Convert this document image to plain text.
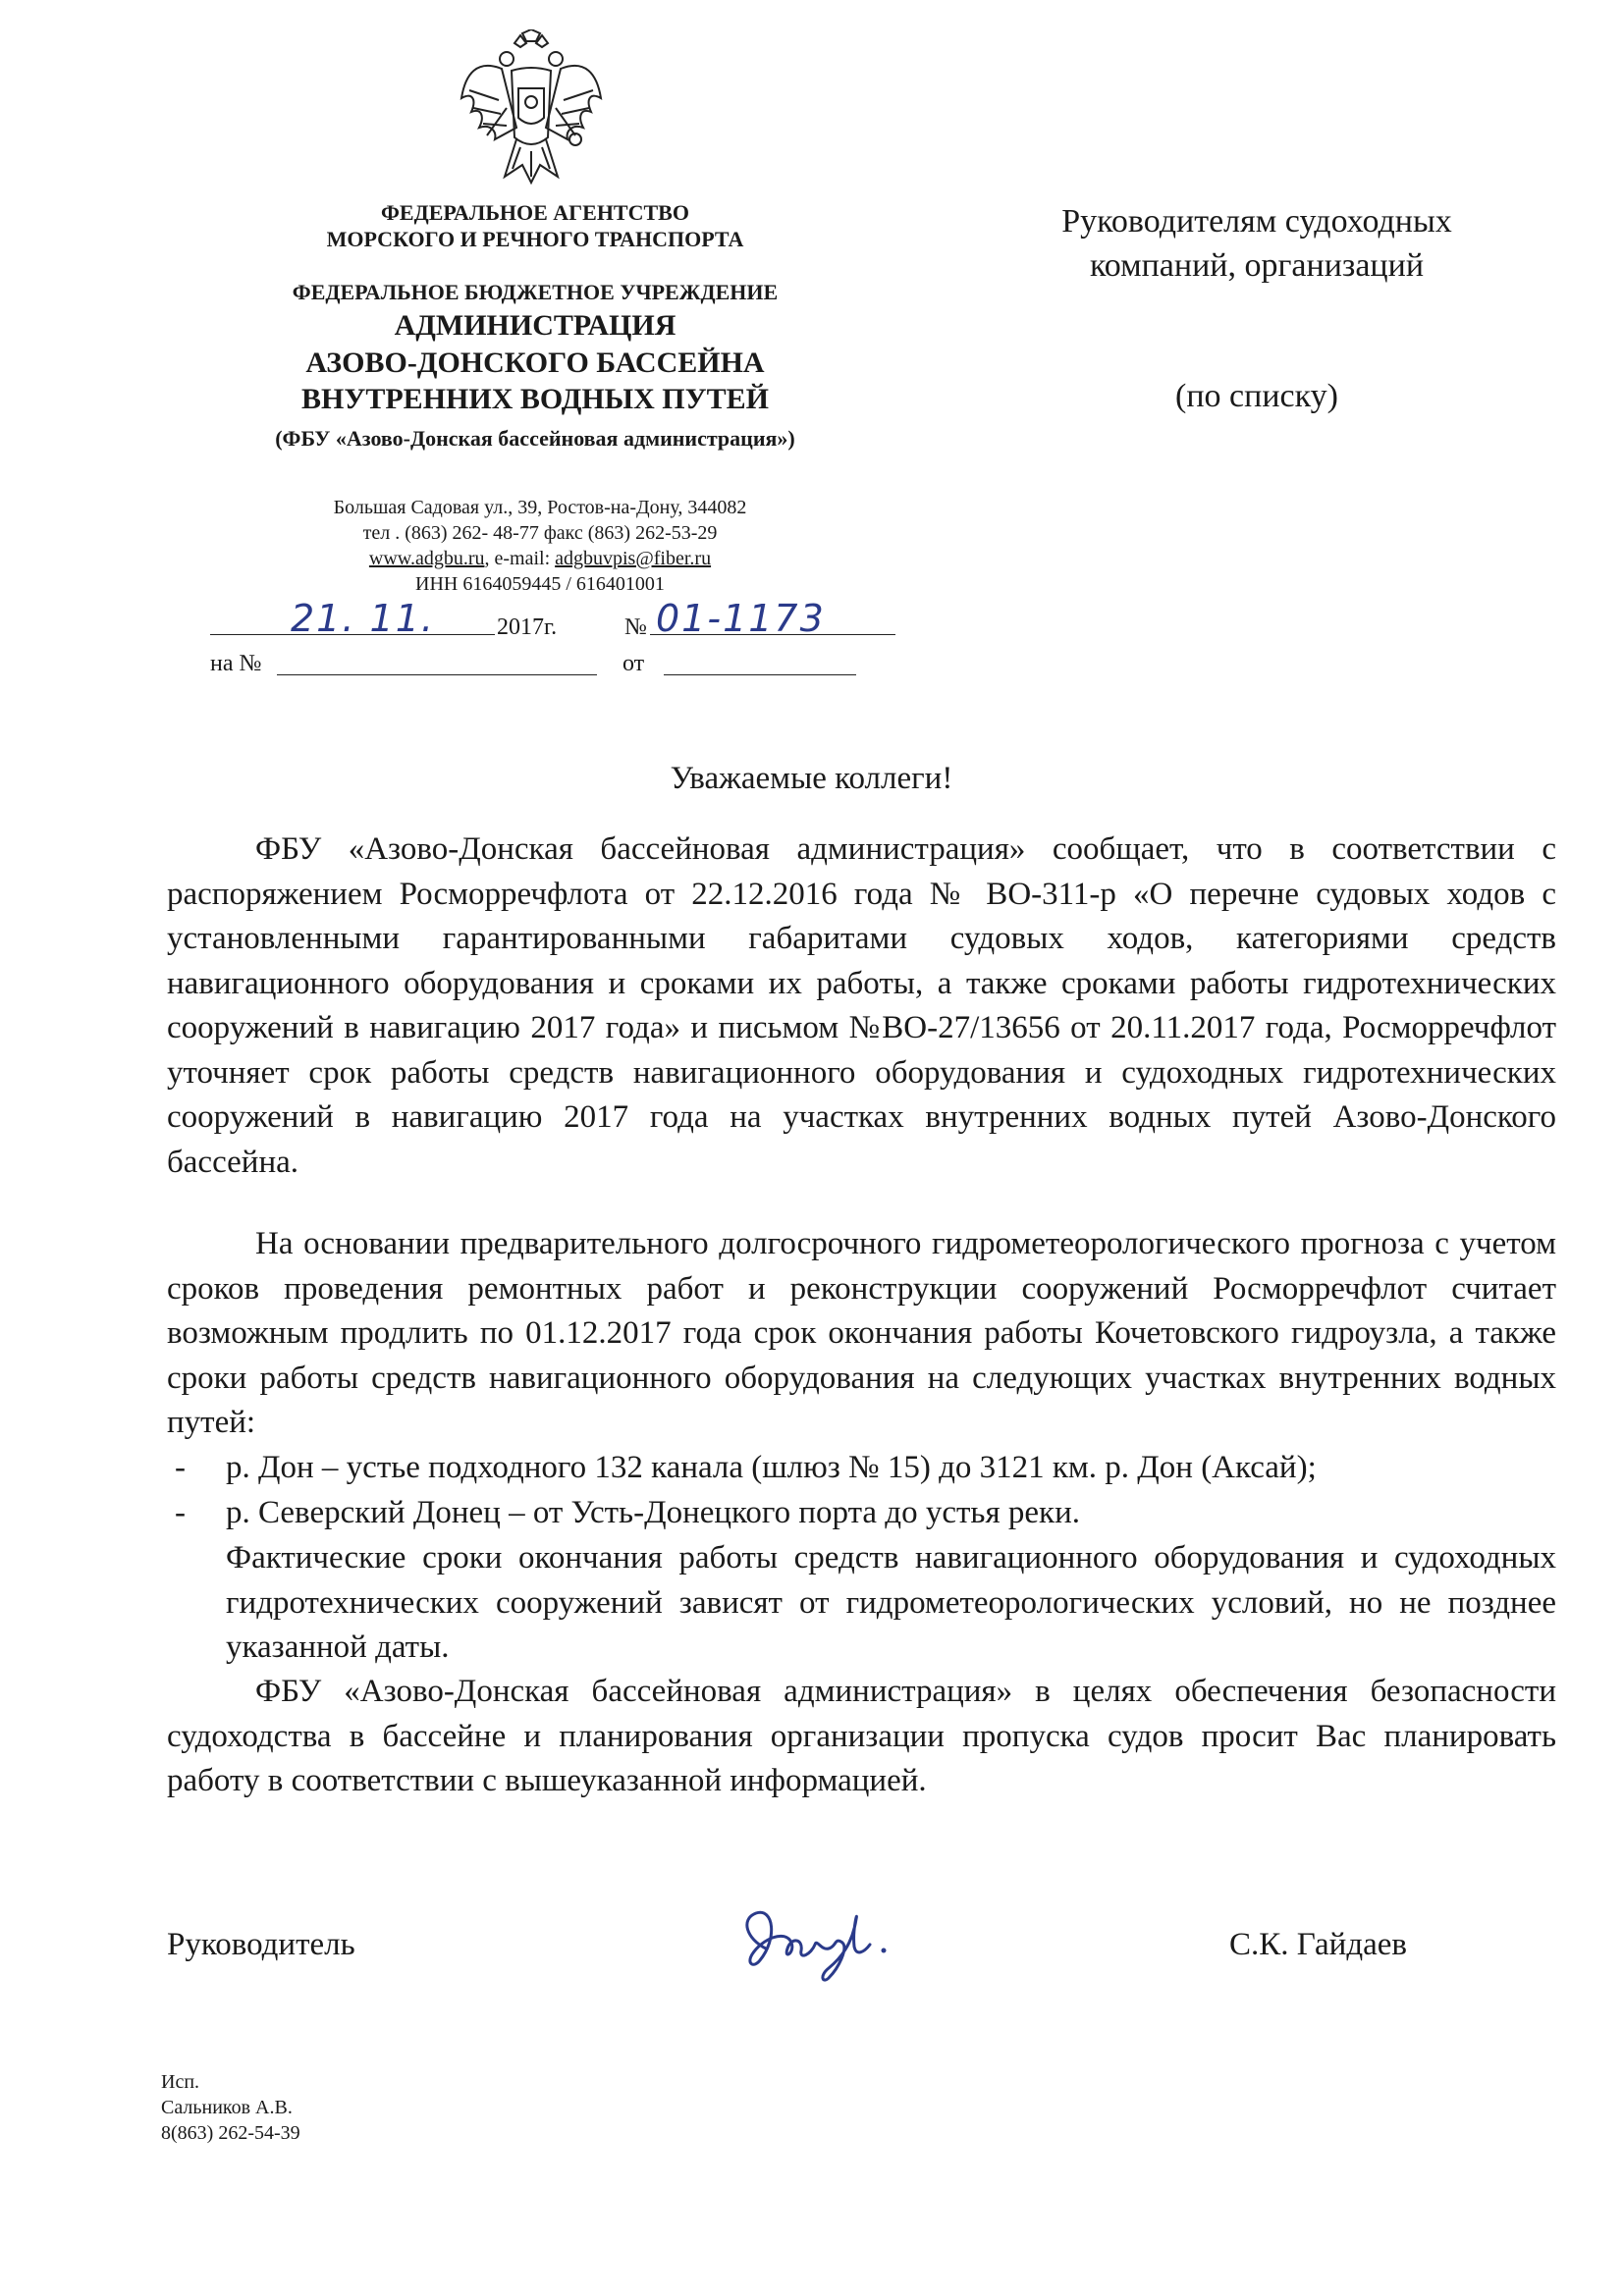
ФЕДЕРАЛЬНОЕ АГЕНТСТВО
МОРСКОГО И РЕЧНОГО ТРАНСПОРТА
ФЕДЕРАЛЬНОЕ БЮДЖЕТНОЕ УЧРЕЖДЕНИЕ
АДМИНИСТРАЦИЯ
АЗОВО-ДОНСКОГО БАССЕЙНА
ВНУТРЕННИХ ВОДНЫХ ПУТЕЙ
(ФБУ «Азово-Донская бассейновая администрация»)
Большая Садовая ул., 39, Ростов-на-Дону, 344082
тел . (863) 262- 48-77 факс (863) 262-53-29
www.adgbu.ru, e-mail: adgbuvpis@fiber.ru
ИНН 6164059445 / 616401001
21. 11.	2017г.	№ 01-1173
на №	от
Руководителям судоходных
компаний, организаций
(по списку)
Уважаемые коллеги!

ФБУ «Азово-Донская бассейновая администрация» сообщает, что в соответствии с распоряжением Росморречфлота от 22.12.2016 года № ВО-311-р «О перечне судовых ходов с установленными гарантированными габаритами судовых ходов, категориями средств навигационного оборудования и сроками их работы, а также сроками работы гидротехнических сооружений в навигацию 2017 года» и письмом №ВО-27/13656 от 20.11.2017 года, Росморречфлот уточняет срок работы средств навигационного оборудования и судоходных гидротехнических сооружений в навигацию 2017 года на участках внутренних водных путей Азово-Донского бассейна.

На основании предварительного долгосрочного гидрометеорологического прогноза с учетом сроков проведения ремонтных работ и реконструкции сооружений Росморречфлот считает возможным продлить по 01.12.2017 года срок окончания работы Кочетовского гидроузла, а также сроки работы средств навигационного оборудования на следующих участках внутренних водных путей:

- р. Дон – устье подходного 132 канала (шлюз № 15) до 3121 км. р. Дон (Аксай);
- р. Северский Донец – от Усть-Донецкого порта до устья реки.

Фактические сроки окончания работы средств навигационного оборудования и судоходных гидротехнических сооружений зависят от гидрометеорологических условий, но не позднее указанной даты.

ФБУ «Азово-Донская бассейновая администрация» в целях обеспечения безопасности судоходства в бассейне и планирования организации пропуска судов просит Вас планировать работу в соответствии с вышеуказанной информацией.

Руководитель	С.К. Гайдаев
Исп.
Сальников А.В.
8(863) 262-54-39
